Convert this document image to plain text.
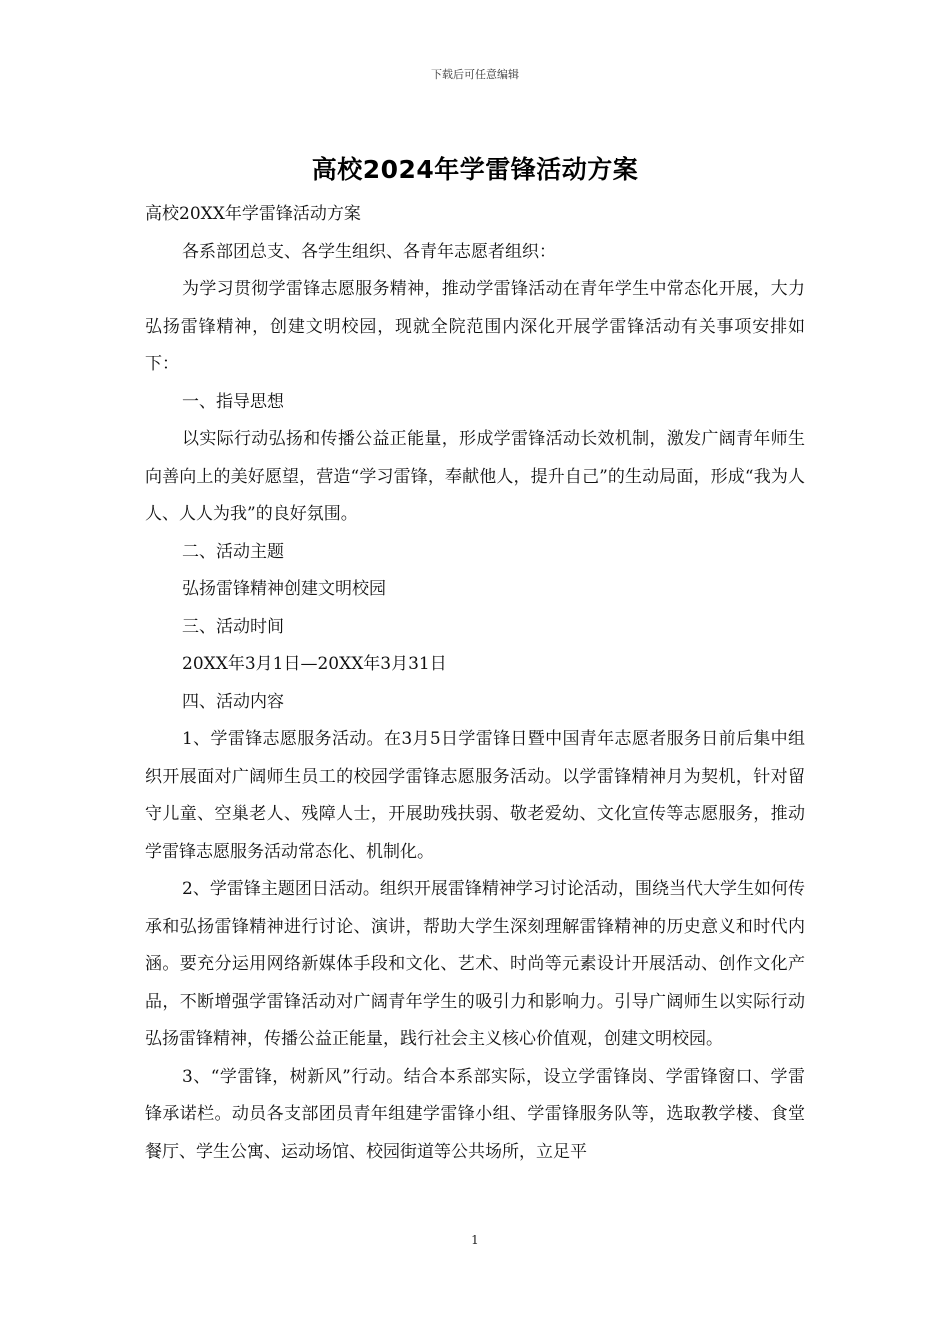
下载后可任意编辑
高校2024年学雷锋活动方案

高校20XX年学雷锋活动方案

各系部团总支、各学生组织、各青年志愿者组织：

为学习贯彻学雷锋志愿服务精神，推动学雷锋活动在青年学生中常态化开展，大力弘扬雷锋精神，创建文明校园，现就全院范围内深化开展学雷锋活动有关事项安排如下：

一、指导思想

以实际行动弘扬和传播公益正能量，形成学雷锋活动长效机制，激发广阔青年师生向善向上的美好愿望，营造“学习雷锋，奉献他人，提升自己”的生动局面，形成“我为人人、人人为我”的良好氛围。

二、活动主题

弘扬雷锋精神创建文明校园

三、活动时间

20XX年3月1日—20XX年3月31日

四、活动内容

1、学雷锋志愿服务活动。在3月5日学雷锋日暨中国青年志愿者服务日前后集中组织开展面对广阔师生员工的校园学雷锋志愿服务活动。以学雷锋精神月为契机，针对留守儿童、空巢老人、残障人士，开展助残扶弱、敬老爱幼、文化宣传等志愿服务，推动学雷锋志愿服务活动常态化、机制化。

2、学雷锋主题团日活动。组织开展雷锋精神学习讨论活动，围绕当代大学生如何传承和弘扬雷锋精神进行讨论、演讲，帮助大学生深刻理解雷锋精神的历史意义和时代内涵。要充分运用网络新媒体手段和文化、艺术、时尚等元素设计开展活动、创作文化产品，不断增强学雷锋活动对广阔青年学生的吸引力和影响力。引导广阔师生以实际行动弘扬雷锋精神，传播公益正能量，践行社会主义核心价值观，创建文明校园。

3、“学雷锋，树新风”行动。结合本系部实际，设立学雷锋岗、学雷锋窗口、学雷锋承诺栏。动员各支部团员青年组建学雷锋小组、学雷锋服务队等，选取教学楼、食堂餐厅、学生公寓、运动场馆、校园街道等公共场所，立足平

1
